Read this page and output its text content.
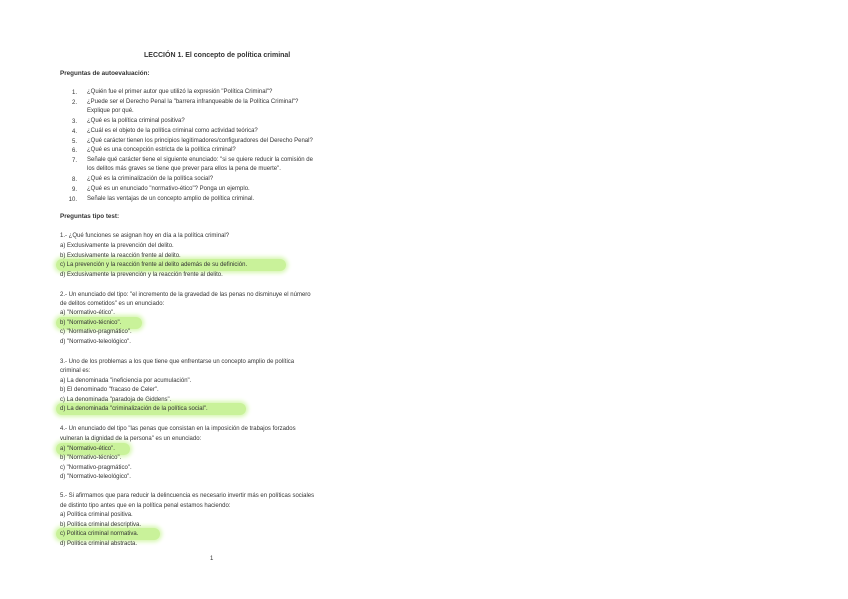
LECCIÓN 1. El concepto de política criminal
Preguntas de autoevaluación:
1. ¿Quién fue el primer autor que utilizó la expresión "Política Criminal"?
2. ¿Puede ser el Derecho Penal la "barrera infranqueable de la Política Criminal"?
Explique por qué.
3. ¿Qué es la política criminal positiva?
4. ¿Cuál es el objeto de la política criminal como actividad teórica?
5. ¿Qué carácter tienen los principios legitimadores/configuradores del Derecho Penal?
6. ¿Qué es una concepción estricta de la política criminal?
7. Señale qué carácter tiene el siguiente enunciado: "si se quiere reducir la comisión de
los delitos más graves se tiene que prever para ellos la pena de muerte".
8. ¿Qué es la criminalización de la política social?
9. ¿Qué es un enunciado "normativo-ético"? Ponga un ejemplo.
10. Señale las ventajas de un concepto amplio de política criminal.
Preguntas tipo test:
1.- ¿Qué funciones se asignan hoy en día a la política criminal?
a) Exclusivamente la prevención del delito.
b) Exclusivamente la reacción frente al delito.
c) La prevención y la reacción frente al delito además de su definición.
d) Exclusivamente la prevención y la reacción frente al delito.
2.- Un enunciado del tipo: "el incremento de la gravedad de las penas no disminuye el número
de delitos cometidos" es un enunciado:
a) "Normativo-ético".
b) "Normativo-técnico".
c) "Normativo-pragmático".
d) "Normativo-teleológico".
3.- Uno de los problemas a los que tiene que enfrentarse un concepto amplio de política
criminal es:
a) La denominada "ineficiencia por acumulación".
b) El denominado "fracaso de Celer".
c) La denominada "paradoja de Giddens".
d) La denominada "criminalización de la política social".
4.- Un enunciado del tipo "las penas que consistan en la imposición de trabajos forzados
vulneran la dignidad de la persona" es un enunciado:
a) "Normativo-ético".
b) "Normativo-técnico".
c) "Normativo-pragmático".
d) "Normativo-teleológico".
5.- Si afirmamos que para reducir la delincuencia es necesario invertir más en políticas sociales
de distinto tipo antes que en la política penal estamos haciendo:
a) Política criminal positiva.
b) Política criminal descriptiva.
c) Política criminal normativa.
d) Política criminal abstracta.
1
